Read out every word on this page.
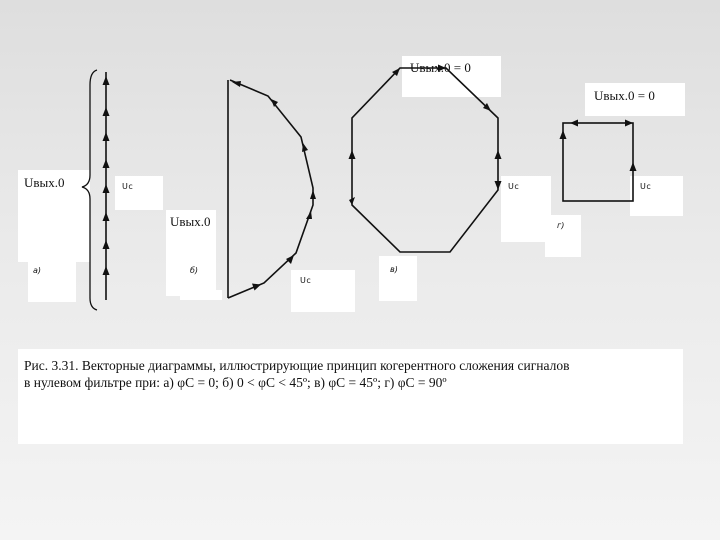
Uвых.0 = 0
Uвых.0 = 0
Uвых.0
Uвых.0
Uc
Uc
Uc	Uc
а)	б)	в)
г)
Рис. 3.31. Векторные диаграммы, иллюстрирующие принцип когерентного сложения сигналов
в нулевом фильтре при: а) φC = 0; б) 0 < φC < 45º; в) φC = 45º; г) φC = 90º
